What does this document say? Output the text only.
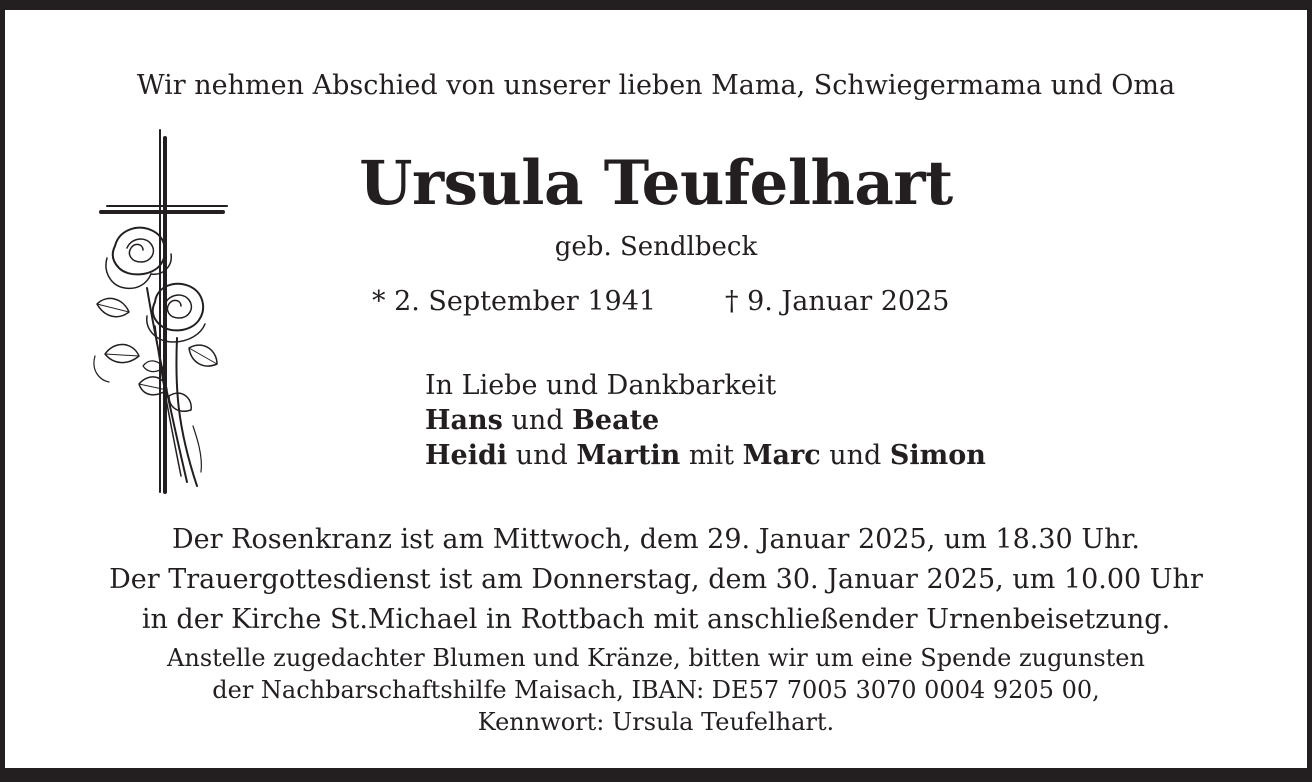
Wir nehmen Abschied von unserer lieben Mama, Schwiegermama und Oma
Ursula Teufelhart
geb. Sendlbeck
* 2. September 1941	† 9. Januar 2025
In Liebe und Dankbarkeit
Hans und Beate
Heidi und Martin mit Marc und Simon
Der Rosenkranz ist am Mittwoch, dem 29. Januar 2025, um 18.30 Uhr.
Der Trauergottesdienst ist am Donnerstag, dem 30. Januar 2025, um 10.00 Uhr
in der Kirche St.Michael in Rottbach mit anschließender Urnenbeisetzung.
Anstelle zugedachter Blumen und Kränze, bitten wir um eine Spende zugunsten
der Nachbarschaftshilfe Maisach, IBAN: DE57 7005 3070 0004 9205 00,
Kennwort: Ursula Teufelhart.
